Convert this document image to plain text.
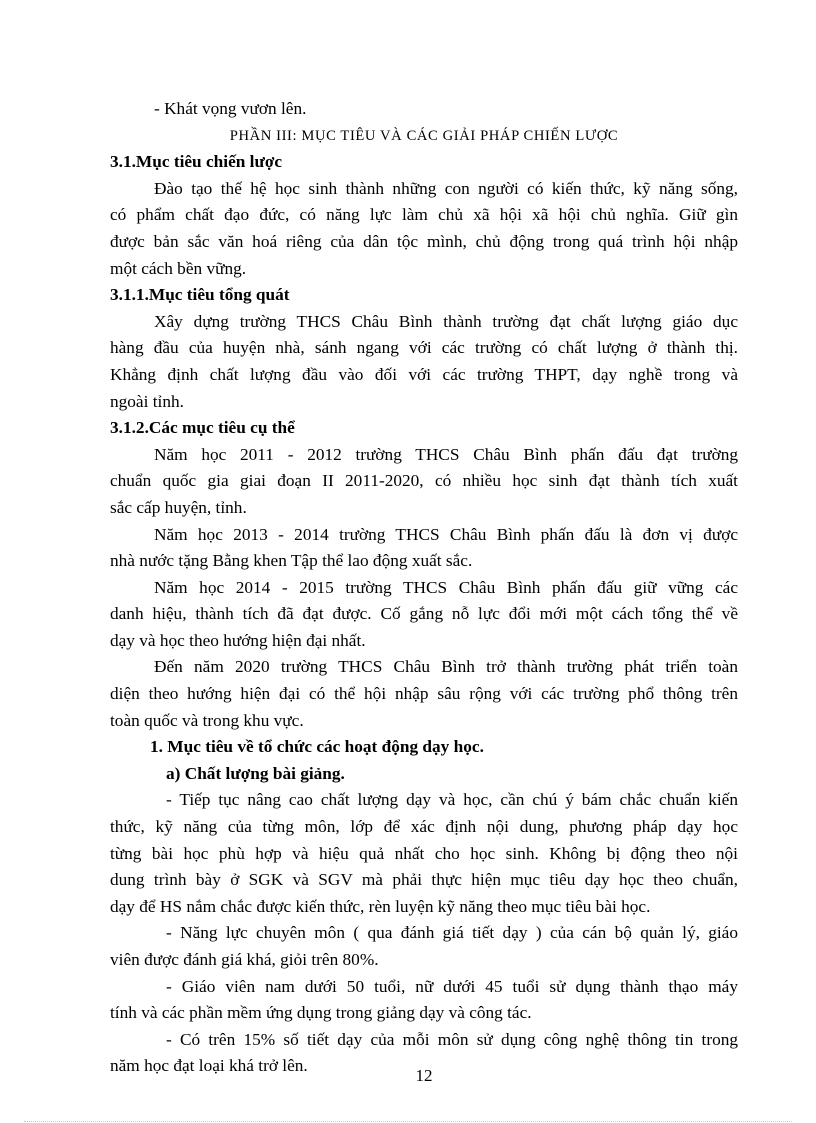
- Khát vọng vươn lên.

PHẦN III: MỤC TIÊU VÀ CÁC GIẢI PHÁP CHIẾN LƯỢC

3.1.Mục tiêu chiến lược

Đào tạo thế hệ học sinh thành những con người có kiến thức, kỹ năng sống,

có phẩm chất đạo đức, có năng lực làm chủ xã hội xã hội chủ nghĩa. Giữ gìn

được bản sắc văn hoá riêng của dân tộc mình, chủ động trong quá trình hội nhập

một cách bền vững.

3.1.1.Mục tiêu tổng quát

Xây dựng trường THCS Châu Bình thành trường đạt chất lượng giáo dục

hàng đầu của huyện nhà, sánh ngang với các trường có chất lượng ở thành thị.

Khẳng định chất lượng đầu vào đối với các trường THPT, dạy nghề trong và

ngoài tỉnh.

3.1.2.Các mục tiêu cụ thể

Năm học 2011 - 2012 trường THCS Châu Bình phấn đấu đạt trường

chuẩn quốc gia giai đoạn II 2011-2020, có nhiều học sinh đạt thành tích xuất

sắc cấp huyện, tỉnh.

Năm học 2013 - 2014 trường THCS Châu Bình phấn đấu là đơn vị được

nhà nước tặng Bằng khen Tập thể lao động xuất sắc.

Năm học 2014 - 2015 trường THCS Châu Bình phấn đấu giữ vững các

danh hiệu, thành tích đã đạt được. Cố gắng nỗ lực đổi mới một cách tổng thể về

dạy và học theo hướng hiện đại nhất.

Đến năm 2020 trường THCS Châu Bình trở thành trường phát triển toàn

diện theo hướng hiện đại có thể hội nhập sâu rộng với các trường phổ thông trên

toàn quốc và trong khu vực.

1. Mục tiêu về tổ chức các hoạt động dạy học.

a) Chất lượng bài giảng.

- Tiếp tục nâng cao chất lượng dạy và học, cần chú ý bám chắc chuẩn kiến

thức, kỹ năng của từng môn, lớp để xác định nội dung, phương pháp dạy học

từng bài học phù hợp và hiệu quả nhất cho học sinh. Không bị động theo nội

dung trình bày ở SGK và SGV mà phải thực hiện mục tiêu dạy học theo chuẩn,

dạy để HS nắm chắc được kiến thức, rèn luyện kỹ năng theo mục tiêu bài học.

- Năng lực chuyên môn ( qua đánh giá tiết dạy ) của cán bộ quản lý, giáo

viên được đánh giá khá, giỏi trên 80%.

- Giáo viên nam dưới 50 tuổi, nữ dưới 45 tuổi sử dụng thành thạo máy

tính và các phần mềm ứng dụng trong giảng dạy và công tác.

- Có trên 15% số tiết dạy của mỗi môn sử dụng công nghệ thông tin trong

năm học đạt loại khá trở lên.

12
